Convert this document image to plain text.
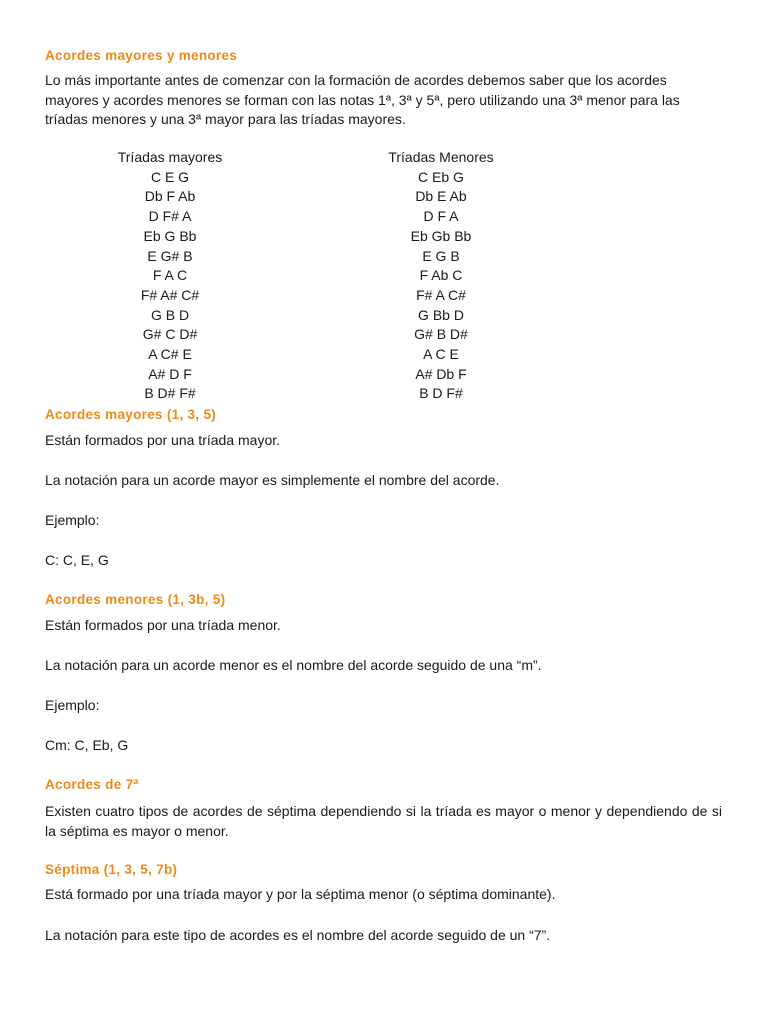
Acordes mayores y menores

Lo más importante antes de comenzar con la formación de acordes debemos saber que los acordes mayores y acordes menores se forman con las notas 1ª, 3ª y 5ª, pero utilizando una 3ª menor para las tríadas menores y una 3ª mayor para las tríadas mayores.

Tríadas mayores
C E G
Db F Ab
D F# A
Eb G Bb
E G# B
F A C
F# A# C#
G B D
G# C D#
A C# E
A# D F
B D# F#
Tríadas Menores
C Eb G
Db E Ab
D F A
Eb Gb Bb
E G B
F Ab C
F# A C#
G Bb D
G# B D#
A C E
A# Db F
B D F#
Acordes mayores (1, 3, 5)
Están formados por una tríada mayor.
La notación para un acorde mayor es simplemente el nombre del acorde.
Ejemplo:
C: C, E, G
Acordes menores (1, 3b, 5)
Están formados por una tríada menor.
La notación para un acorde menor es el nombre del acorde seguido de una “m”.
Ejemplo:
Cm: C, Eb, G
Acordes de 7ª

Existen cuatro tipos de acordes de séptima dependiendo si la tríada es mayor o menor y dependiendo de si la séptima es mayor o menor.

Séptima (1, 3, 5, 7b)
Está formado por una tríada mayor y por la séptima menor (o séptima dominante).
La notación para este tipo de acordes es el nombre del acorde seguido de un “7”.
